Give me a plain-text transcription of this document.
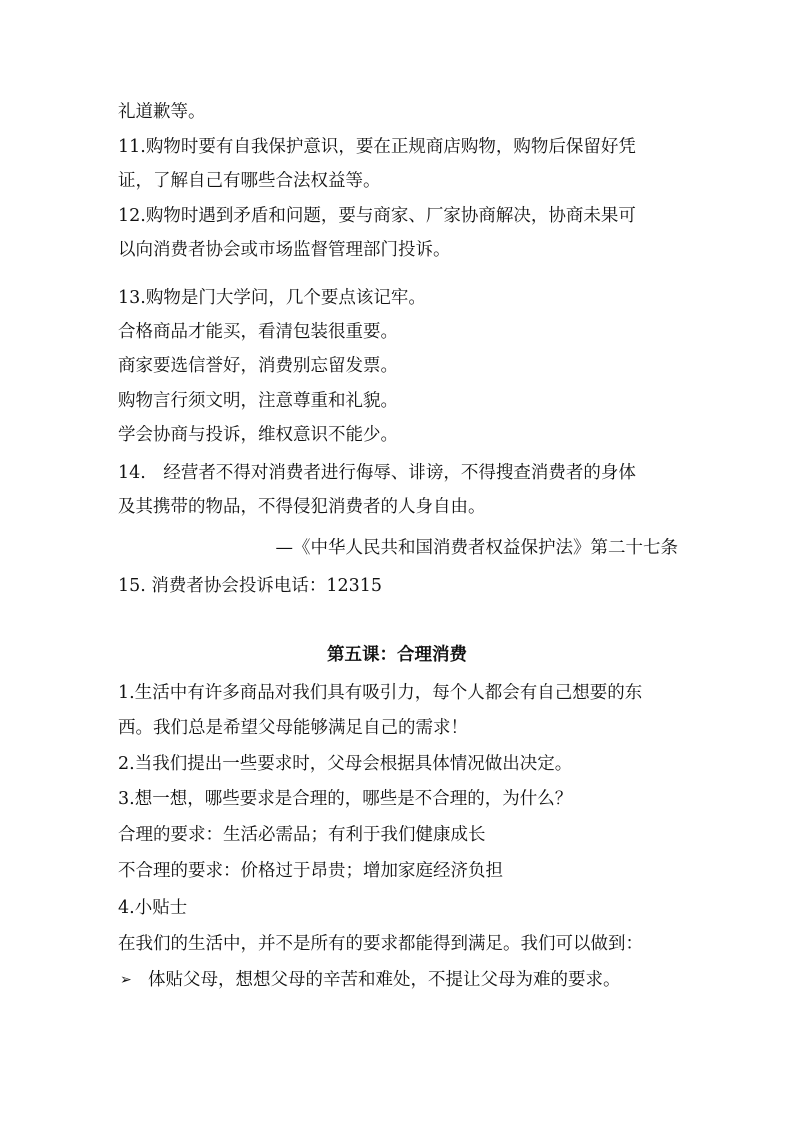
礼道歉等。
11.购物时要有自我保护意识，要在正规商店购物，购物后保留好凭
证，了解自己有哪些合法权益等。
12.购物时遇到矛盾和问题，要与商家、厂家协商解决，协商未果可
以向消费者协会或市场监督管理部门投诉。
13.购物是门大学问，几个要点该记牢。
合格商品才能买，看清包装很重要。
商家要选信誉好，消费别忘留发票。
购物言行须文明，注意尊重和礼貌。
学会协商与投诉，维权意识不能少。
14.　经营者不得对消费者进行侮辱、诽谤，不得搜查消费者的身体
及其携带的物品，不得侵犯消费者的人身自由。
—《中华人民共和国消费者权益保护法》第二十七条
15. 消费者协会投诉电话：12315
第五课：合理消费
1.生活中有许多商品对我们具有吸引力，每个人都会有自己想要的东
西。我们总是希望父母能够满足自己的需求！
2.当我们提出一些要求时，父母会根据具体情况做出决定。
3.想一想，哪些要求是合理的，哪些是不合理的，为什么？
合理的要求：生活必需品；有利于我们健康成长
不合理的要求：价格过于昂贵；增加家庭经济负担
4.小贴士
在我们的生活中，并不是所有的要求都能得到满足。我们可以做到：
➢ 体贴父母，想想父母的辛苦和难处，不提让父母为难的要求。
